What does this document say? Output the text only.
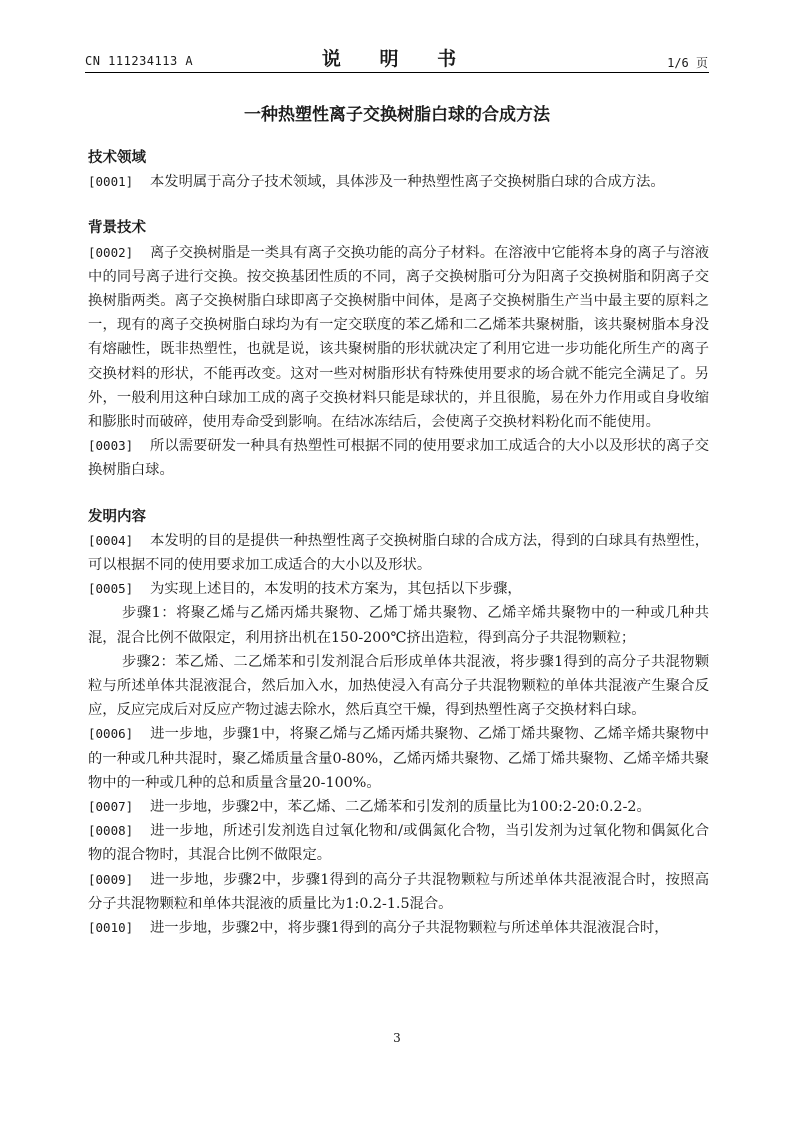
CN 111234113 A	说 明 书	1/6 页
一种热塑性离子交换树脂白球的合成方法
技术领域

[0001] 本发明属于高分子技术领域，具体涉及一种热塑性离子交换树脂白球的合成方法。

背景技术

[0002] 离子交换树脂是一类具有离子交换功能的高分子材料。在溶液中它能将本身的离子与溶液中的同号离子进行交换。按交换基团性质的不同，离子交换树脂可分为阳离子交换树脂和阴离子交换树脂两类。离子交换树脂白球即离子交换树脂中间体，是离子交换树脂生产当中最主要的原料之一，现有的离子交换树脂白球均为有一定交联度的苯乙烯和二乙烯苯共聚树脂，该共聚树脂本身没有熔融性，既非热塑性，也就是说，该共聚树脂的形状就决定了利用它进一步功能化所生产的离子交换材料的形状，不能再改变。这对一些对树脂形状有特殊使用要求的场合就不能完全满足了。另外，一般利用这种白球加工成的离子交换材料只能是球状的，并且很脆，易在外力作用或自身收缩和膨胀时而破碎，使用寿命受到影响。在结冰冻结后，会使离子交换材料粉化而不能使用。

[0003] 所以需要研发一种具有热塑性可根据不同的使用要求加工成适合的大小以及形状的离子交换树脂白球。

发明内容

[0004] 本发明的目的是提供一种热塑性离子交换树脂白球的合成方法，得到的白球具有热塑性，可以根据不同的使用要求加工成适合的大小以及形状。

[0005] 为实现上述目的，本发明的技术方案为，其包括以下步骤，

步骤1：将聚乙烯与乙烯丙烯共聚物、乙烯丁烯共聚物、乙烯辛烯共聚物中的一种或几种共混，混合比例不做限定，利用挤出机在150-200℃挤出造粒，得到高分子共混物颗粒；

步骤2：苯乙烯、二乙烯苯和引发剂混合后形成单体共混液，将步骤1得到的高分子共混物颗粒与所述单体共混液混合，然后加入水，加热使浸入有高分子共混物颗粒的单体共混液产生聚合反应，反应完成后对反应产物过滤去除水，然后真空干燥，得到热塑性离子交换材料白球。

[0006] 进一步地，步骤1中，将聚乙烯与乙烯丙烯共聚物、乙烯丁烯共聚物、乙烯辛烯共聚物中的一种或几种共混时，聚乙烯质量含量0-80%，乙烯丙烯共聚物、乙烯丁烯共聚物、乙烯辛烯共聚物中的一种或几种的总和质量含量20-100%。

[0007] 进一步地，步骤2中，苯乙烯、二乙烯苯和引发剂的质量比为100:2-20:0.2-2。

[0008] 进一步地，所述引发剂选自过氧化物和/或偶氮化合物，当引发剂为过氧化物和偶氮化合物的混合物时，其混合比例不做限定。

[0009] 进一步地，步骤2中，步骤1得到的高分子共混物颗粒与所述单体共混液混合时，按照高分子共混物颗粒和单体共混液的质量比为1:0.2-1.5混合。

[0010] 进一步地，步骤2中，将步骤1得到的高分子共混物颗粒与所述单体共混液混合时，

3
